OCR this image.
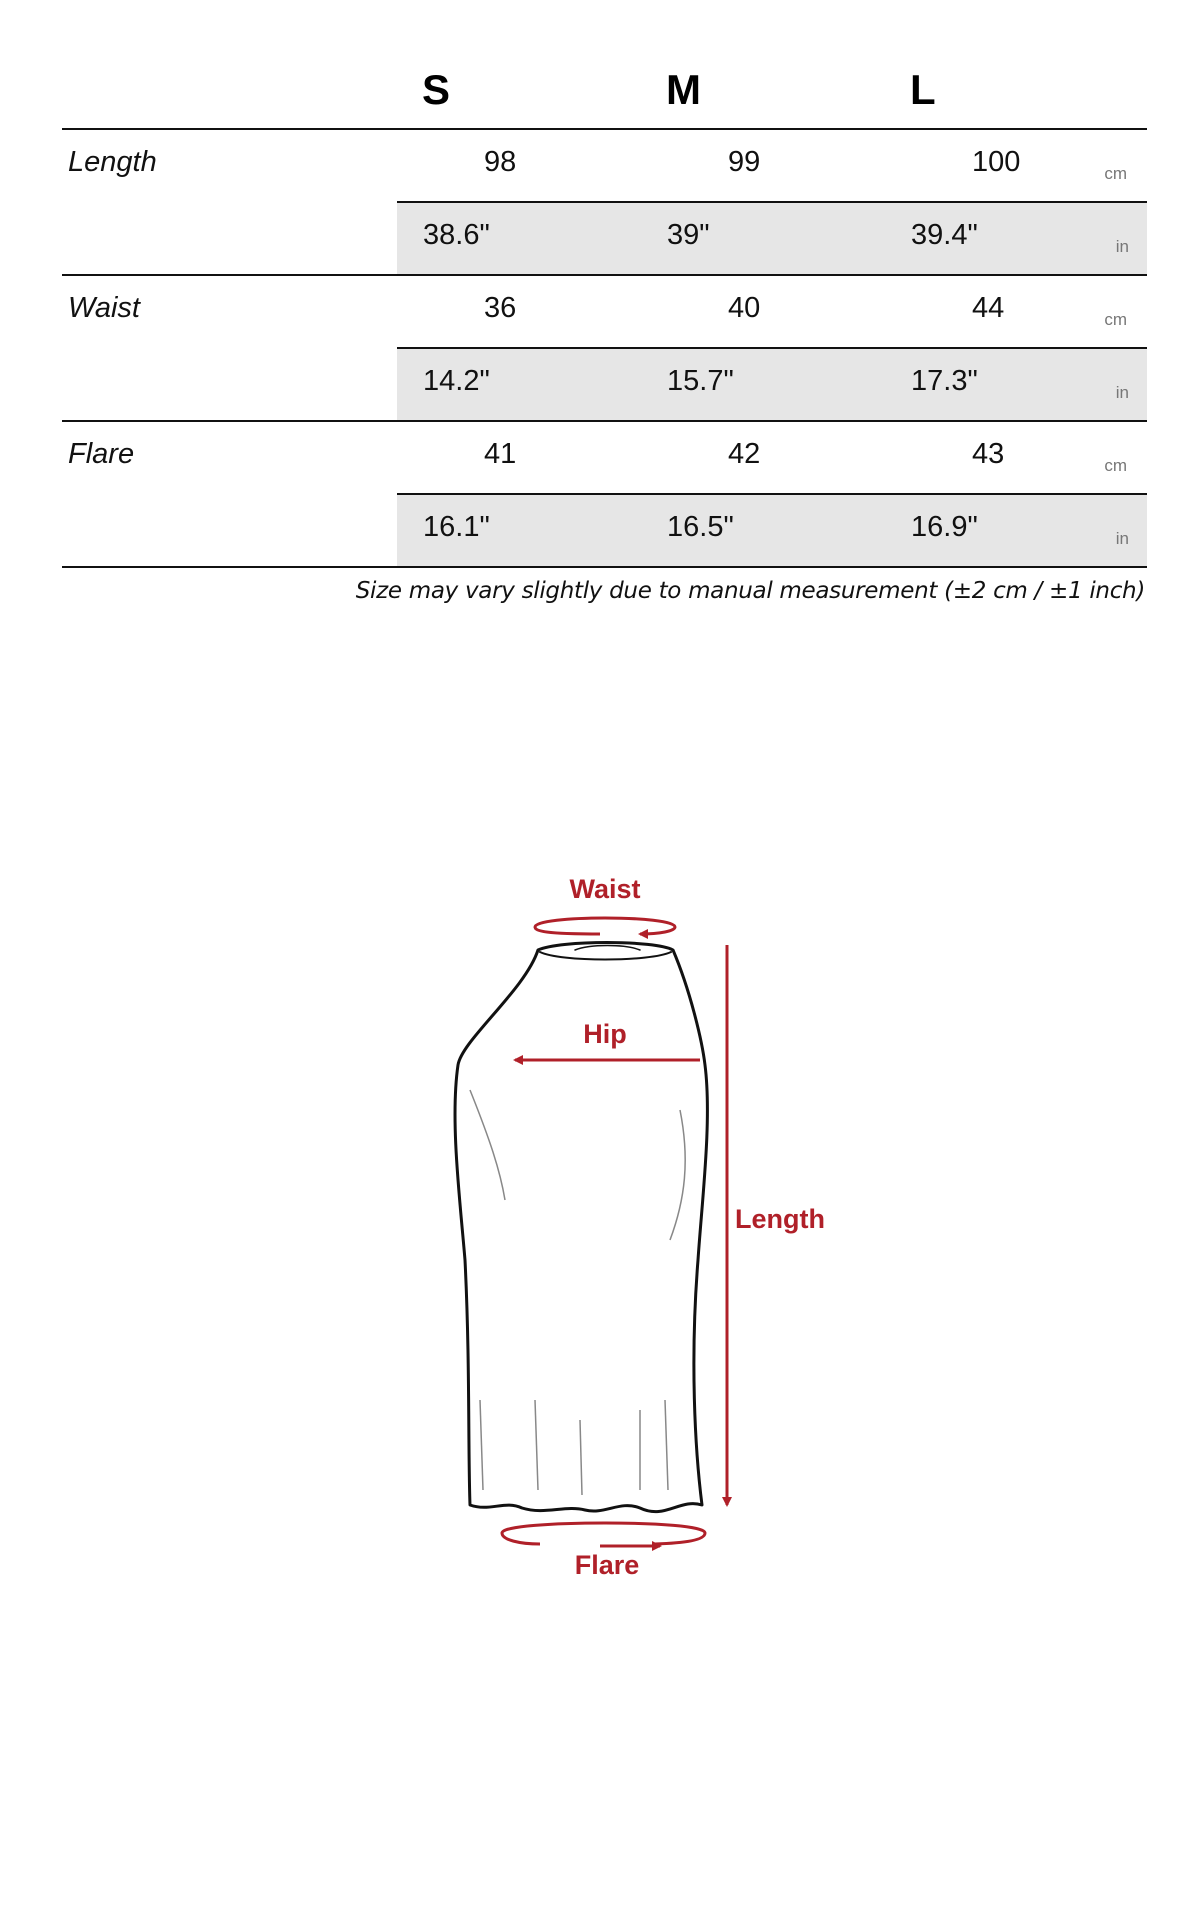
S	M	L
Length	98	99	100	cm
38.6"	39"	39.4"	in
Waist	36	40	44	cm
14.2"	15.7"	17.3"	in
Flare	41	42	43	cm
16.1"	16.5"	16.9"	in
Size may vary slightly due to manual measurement (±2 cm / ±1 inch)
Waist
Hip
Length
Flare
